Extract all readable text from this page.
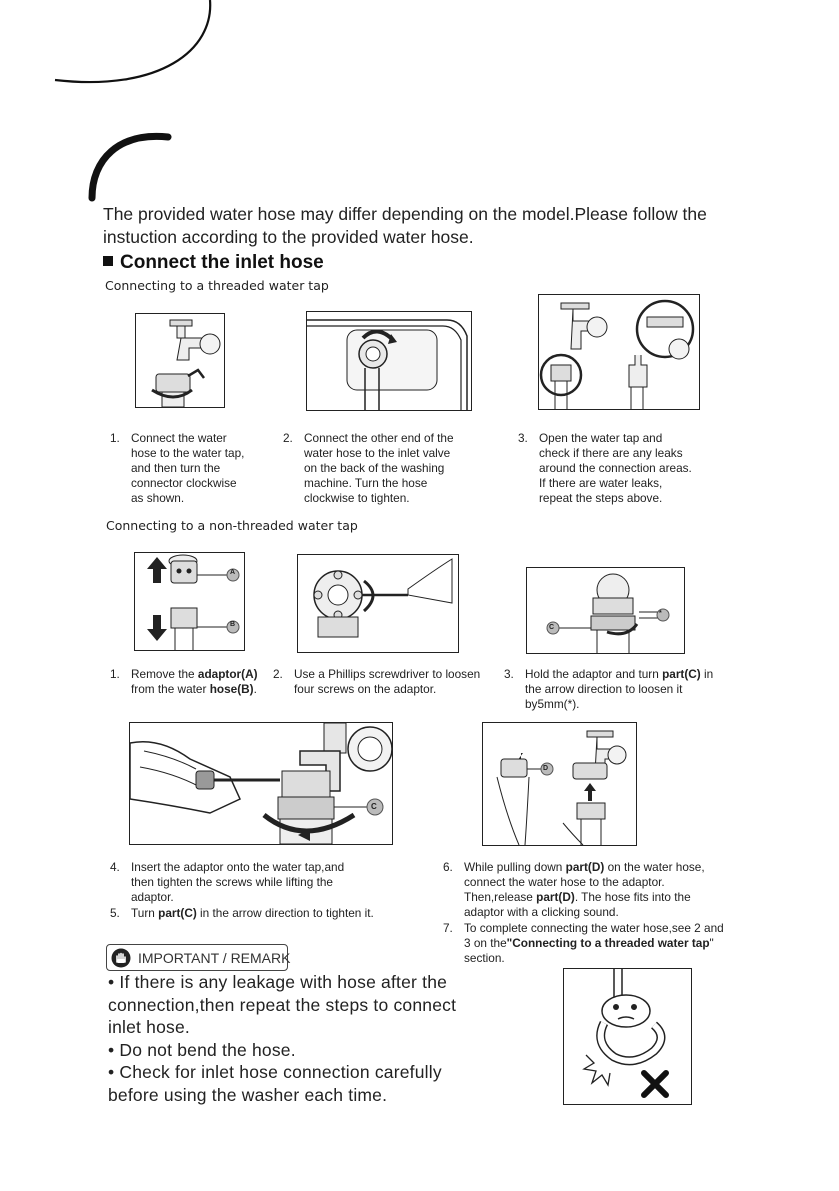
The provided water hose may differ depending on the model.Please follow the instuction according to the provided water hose.
Connect the inlet hose
Connecting to a threaded water tap
1. Connect the water
hose to the water tap,
and then turn the
connector clockwise
as shown.
2. Connect the other end of the
water hose to the inlet valve
on the back of the washing
machine. Turn the hose
clockwise to tighten.
3. Open the water tap and
check if there are any leaks
around the connection areas.
If there are water leaks,
repeat the steps above.
Connecting to a non-threaded water tap
A
B
*
C
1. Remove the adaptor(A) from the water hose(B).
2. Use a Phillips screwdriver to loosen
four screws on the adaptor.
3. Hold the adaptor and turn part(C) in the arrow direction to loosen it by5mm(*).
C
D
4. Insert the adaptor onto the water tap,and
then tighten the screws while lifting the
adaptor.
5. Turn part(C) in the arrow direction to tighten it.
6. While pulling down part(D) on the water hose, connect the water hose to the adaptor. Then,release part(D). The hose fits into the adaptor with a clicking sound.
7. To complete connecting the water hose,see 2 and 3 on the"Connecting to a threaded water tap" section.
IMPORTANT / REMARK
• If there is any leakage with hose after the
connection,then repeat the steps to connect
inlet hose.
• Do not bend the hose.
• Check for inlet hose connection carefully
before using the washer each time.
